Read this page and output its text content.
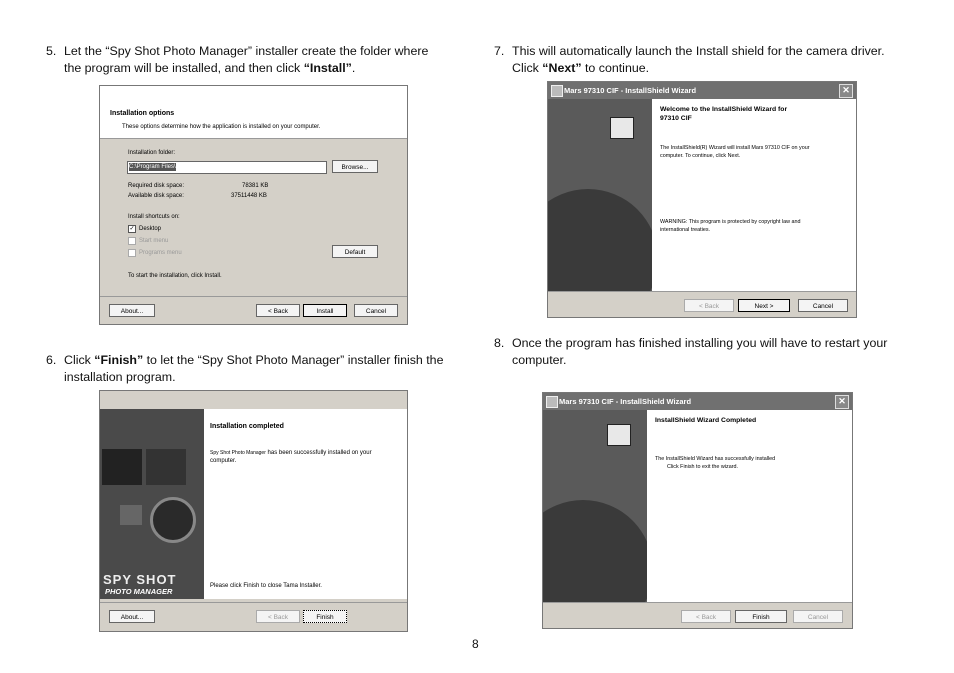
5. Let the “Spy Shot Photo Manager” installer create the folder where
the program will be installed, and then click “Install”.
Installation options
These options determine how the application is installed on your computer.
Installation folder:
C:\Program Files\	Browse...
Required disk space:	78381 KB
Available disk space:	37511448 KB
Install shortcuts on:
✓ Desktop
Start menu
Programs menu	Default
To start the installation, click Install.
About...	< Back	Install	Cancel
6. Click “Finish” to let the “Spy Shot Photo Manager” installer finish the
installation program.
SPY SHOT
PHOTO MANAGER
Installation completed
Spy Shot Photo Manager has been successfully installed on your
computer.
Please click Finish to close Tama Installer.
About...	< Back	Finish
7. This will automatically launch the Install shield for the camera driver.
Click “Next” to continue.
Mars 97310 CIF - InstallShield Wizard	✕
Welcome to the InstallShield Wizard for
97310 CIF
The InstallShield(R) Wizard will install Mars 97310 CIF on your
computer. To continue, click Next.
WARNING: This program is protected by copyright law and
international treaties.
< Back	Next >	Cancel
8. Once the program has finished installing you will have to restart your
computer.
Mars 97310 CIF - InstallShield Wizard	✕
InstallShield Wizard Completed
The InstallShield Wizard has successfully installed
Click Finish to exit the wizard.
< Back	Finish	Cancel
8
